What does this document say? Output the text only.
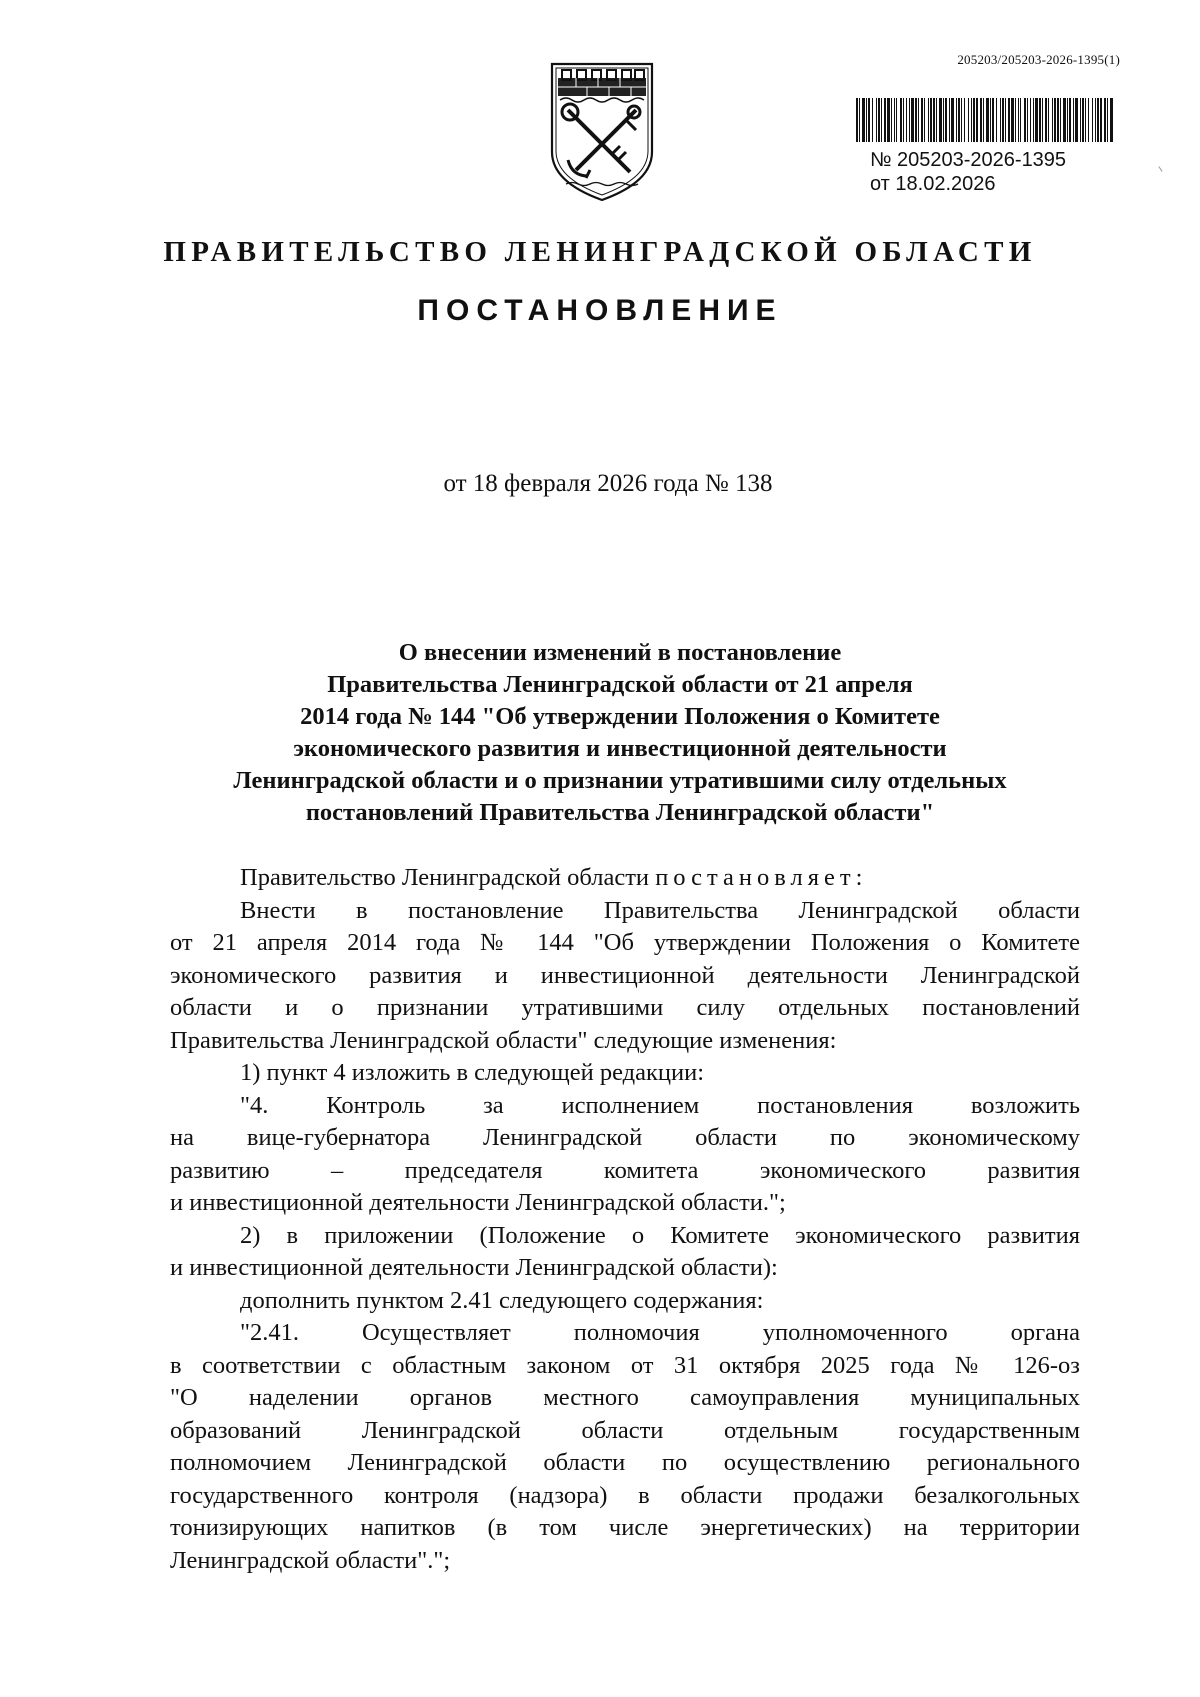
205203/205203-2026-1395(1)
№ 205203-2026-1395
от 18.02.2026
ПРАВИТЕЛЬСТВО ЛЕНИНГРАДСКОЙ ОБЛАСТИ
ПОСТАНОВЛЕНИЕ
от 18 февраля 2026 года № 138
О внесении изменений в постановление
Правительства Ленинградской области от 21 апреля
2014 года № 144 "Об утверждении Положения о Комитете
экономического развития и инвестиционной деятельности
Ленинградской области и о признании утратившими силу отдельных
постановлений Правительства Ленинградской области"
Правительство Ленинградской области постановляет:
Внести в постановление Правительства Ленинградской области
от 21 апреля 2014 года № 144 "Об утверждении Положения о Комитете
экономического развития и инвестиционной деятельности Ленинградской
области и о признании утратившими силу отдельных постановлений
Правительства Ленинградской области" следующие изменения:
1) пункт 4 изложить в следующей редакции:
"4. Контроль за исполнением постановления возложить
на вице-губернатора Ленинградской области по экономическому
развитию – председателя комитета экономического развития
и инвестиционной деятельности Ленинградской области.";
2) в приложении (Положение о Комитете экономического развития
и инвестиционной деятельности Ленинградской области):
дополнить пунктом 2.41 следующего содержания:
"2.41. Осуществляет полномочия уполномоченного органа
в соответствии с областным законом от 31 октября 2025 года № 126-оз
"О наделении органов местного самоуправления муниципальных
образований Ленинградской области отдельным государственным
полномочием Ленинградской области по осуществлению регионального
государственного контроля (надзора) в области продажи безалкогольных
тонизирующих напитков (в том числе энергетических) на территории
Ленинградской области".";
